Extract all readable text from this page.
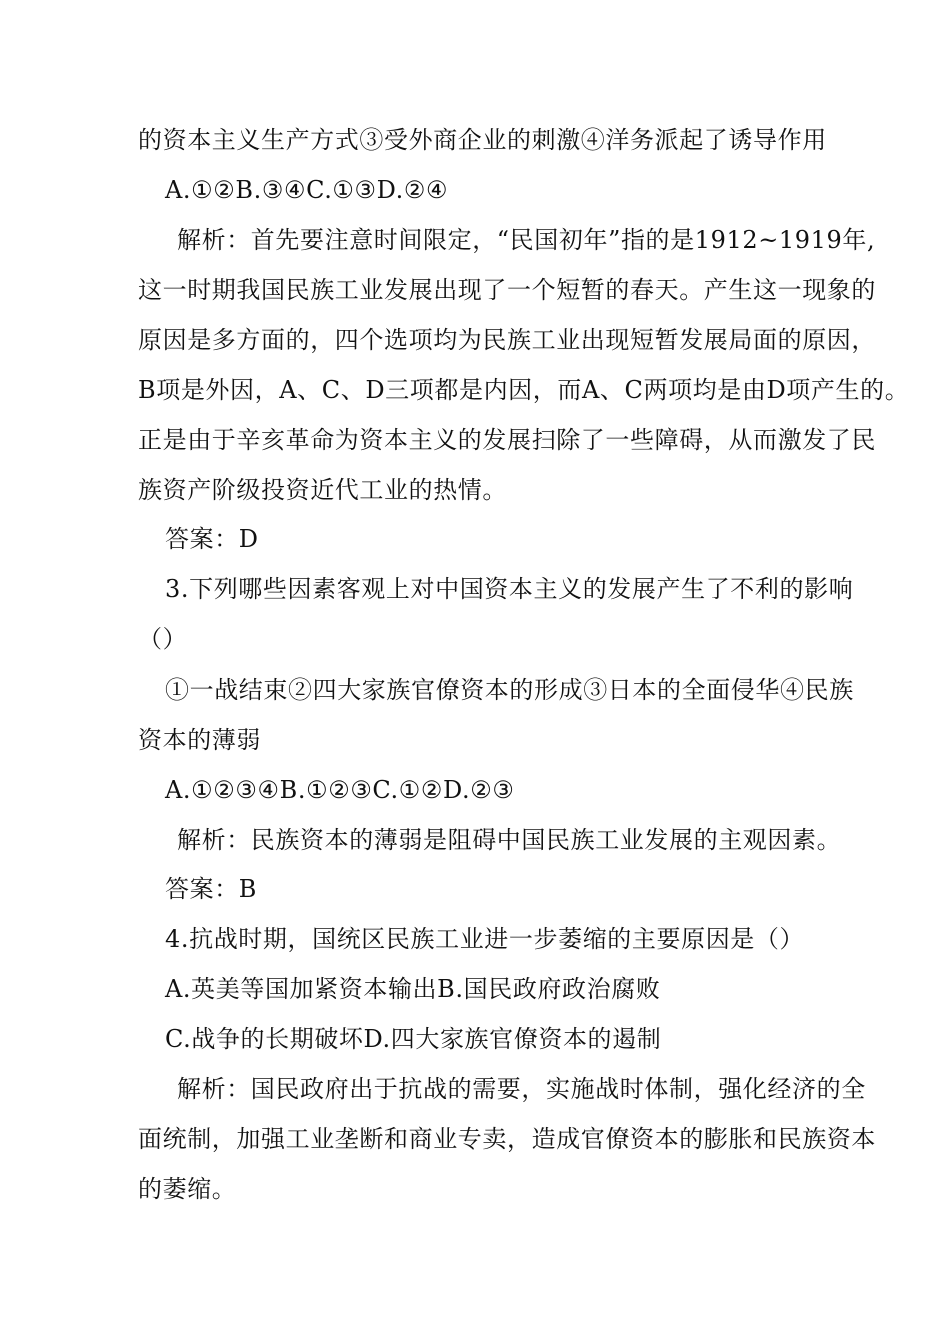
的资本主义生产方式③受外商企业的刺激④洋务派起了诱导作用
A.①②B.③④C.①③D.②④
解析：首先要注意时间限定，“民国初年”指的是1912~1919年,
这一时期我国民族工业发展出现了一个短暂的春天。产生这一现象的
原因是多方面的，四个选项均为民族工业出现短暂发展局面的原因，
B项是外因，A、C、D三项都是内因，而A、C两项均是由D项产生的。
正是由于辛亥革命为资本主义的发展扫除了一些障碍，从而激发了民
族资产阶级投资近代工业的热情。
答案：D
3.下列哪些因素客观上对中国资本主义的发展产生了不利的影响
（）
①一战结束②四大家族官僚资本的形成③日本的全面侵华④民族
资本的薄弱
A.①②③④B.①②③C.①②D.②③
解析：民族资本的薄弱是阻碍中国民族工业发展的主观因素。
答案：B
4.抗战时期，国统区民族工业进一步萎缩的主要原因是（）
A.英美等国加紧资本输出B.国民政府政治腐败
C.战争的长期破坏D.四大家族官僚资本的遏制
解析：国民政府出于抗战的需要，实施战时体制，强化经济的全
面统制，加强工业垄断和商业专卖，造成官僚资本的膨胀和民族资本
的萎缩。
